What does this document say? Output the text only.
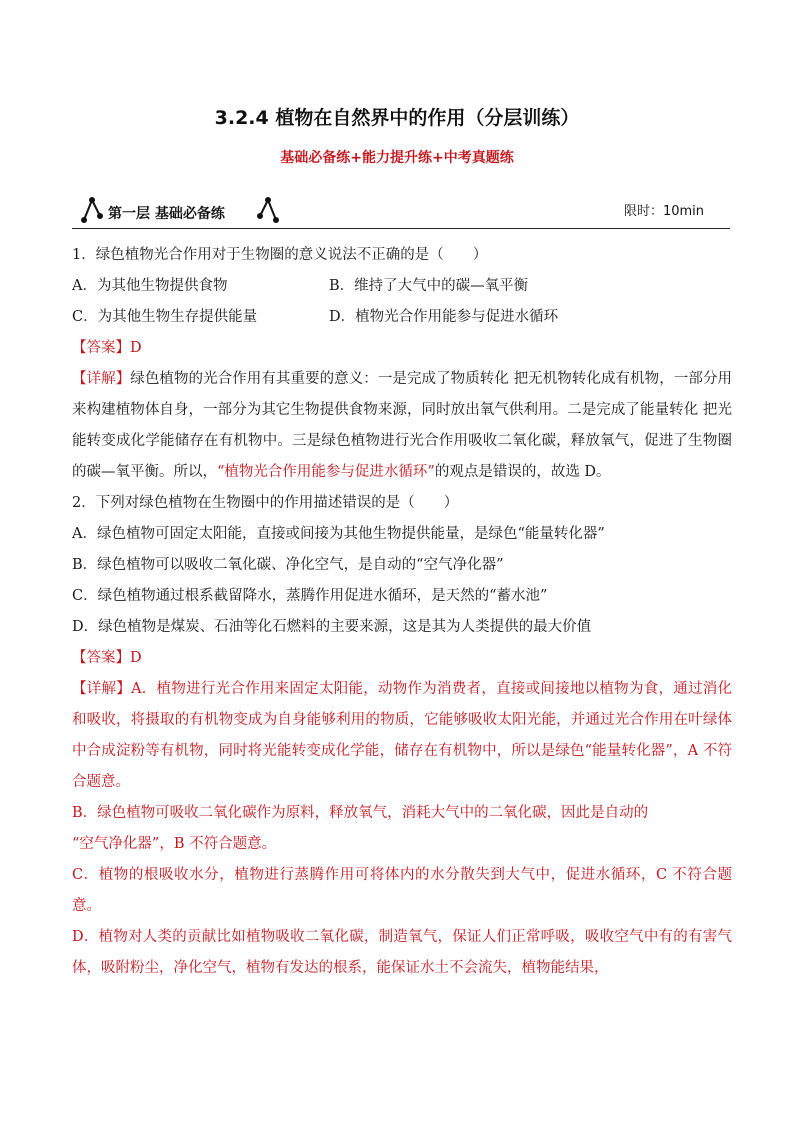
3.2.4 植物在自然界中的作用（分层训练）
基础必备练+能力提升练+中考真题练
第一层 基础必备练	限时：10min
1．绿色植物光合作用对于生物圈的意义说法不正确的是（　　）
A．为其他生物提供食物	B．维持了大气中的碳—氧平衡
C．为其他生物生存提供能量	D．植物光合作用能参与促进水循环
【答案】D
【详解】绿色植物的光合作用有其重要的意义：一是完成了物质转化 把无机物转化成有机物，一部分用来构建植物体自身，一部分为其它生物提供食物来源，同时放出氧气供利用。二是完成了能量转化 把光能转变成化学能储存在有机物中。三是绿色植物进行光合作用吸收二氧化碳，释放氧气，促进了生物圈的碳—氧平衡。所以，“植物光合作用能参与促进水循环”的观点是错误的，故选 D。
2．下列对绿色植物在生物圈中的作用描述错误的是（　　）
A．绿色植物可固定太阳能，直接或间接为其他生物提供能量，是绿色“能量转化器”
B．绿色植物可以吸收二氧化碳、净化空气，是自动的“空气净化器”
C．绿色植物通过根系截留降水，蒸腾作用促进水循环，是天然的“蓄水池”
D．绿色植物是煤炭、石油等化石燃料的主要来源，这是其为人类提供的最大价值
【答案】D
【详解】A．植物进行光合作用来固定太阳能，动物作为消费者，直接或间接地以植物为食，通过消化和吸收，将摄取的有机物变成为自身能够利用的物质，它能够吸收太阳光能，并通过光合作用在叶绿体中合成淀粉等有机物，同时将光能转变成化学能，储存在有机物中，所以是绿色“能量转化器”，A 不符合题意。
B．绿色植物可吸收二氧化碳作为原料，释放氧气，消耗大气中的二氧化碳，因此是自动的
“空气净化器”，B 不符合题意。
C．植物的根吸收水分，植物进行蒸腾作用可将体内的水分散失到大气中，促进水循环，C 不符合题意。
D．植物对人类的贡献比如植物吸收二氧化碳，制造氧气，保证人们正常呼吸，吸收空气中有的有害气体，吸附粉尘，净化空气，植物有发达的根系，能保证水土不会流失，植物能结果，
